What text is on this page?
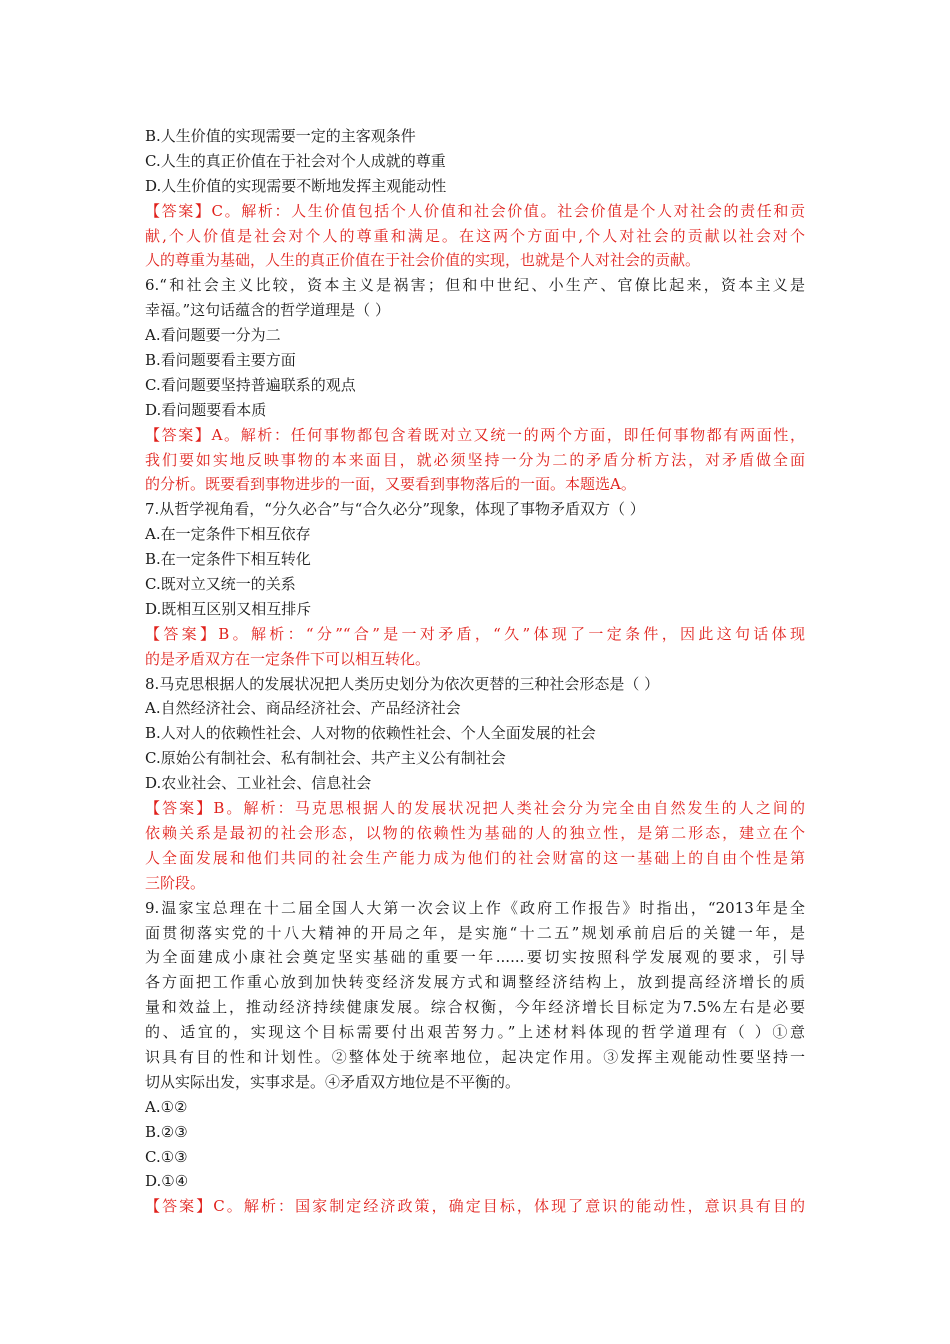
B.人生价值的实现需要一定的主客观条件
C.人生的真正价值在于社会对个人成就的尊重
D.人生价值的实现需要不断地发挥主观能动性
【答案】C。解析：人生价值包括个人价值和社会价值。社会价值是个人对社会的责任和贡
献,个人价值是社会对个人的尊重和满足。在这两个方面中,个人对社会的贡献以社会对个
人的尊重为基础，人生的真正价值在于社会价值的实现，也就是个人对社会的贡献。
6.“和社会主义比较，资本主义是祸害；但和中世纪、小生产、官僚比起来，资本主义是
幸福。”这句话蕴含的哲学道理是（ ）
A.看问题要一分为二
B.看问题要看主要方面
C.看问题要坚持普遍联系的观点
D.看问题要看本质
【答案】A。解析：任何事物都包含着既对立又统一的两个方面，即任何事物都有两面性，
我们要如实地反映事物的本来面目，就必须坚持一分为二的矛盾分析方法，对矛盾做全面
的分析。既要看到事物进步的一面，又要看到事物落后的一面。本题选A。
7.从哲学视角看，“分久必合”与“合久必分”现象，体现了事物矛盾双方（ ）
A.在一定条件下相互依存
B.在一定条件下相互转化
C.既对立又统一的关系
D.既相互区别又相互排斥
【答案】B。解析：“分”“合”是一对矛盾，“久”体现了一定条件，因此这句话体现
的是矛盾双方在一定条件下可以相互转化。
8.马克思根据人的发展状况把人类历史划分为依次更替的三种社会形态是（ ）
A.自然经济社会、商品经济社会、产品经济社会
B.人对人的依赖性社会、人对物的依赖性社会、个人全面发展的社会
C.原始公有制社会、私有制社会、共产主义公有制社会
D.农业社会、工业社会、信息社会
【答案】B。解析：马克思根据人的发展状况把人类社会分为完全由自然发生的人之间的
依赖关系是最初的社会形态，以物的依赖性为基础的人的独立性，是第二形态，建立在个
人全面发展和他们共同的社会生产能力成为他们的社会财富的这一基础上的自由个性是第
三阶段。
9.温家宝总理在十二届全国人大第一次会议上作《政府工作报告》时指出，“2013年是全
面贯彻落实党的十八大精神的开局之年，是实施“十二五”规划承前启后的关键一年，是
为全面建成小康社会奠定坚实基础的重要一年......要切实按照科学发展观的要求，引导
各方面把工作重心放到加快转变经济发展方式和调整经济结构上，放到提高经济增长的质
量和效益上，推动经济持续健康发展。综合权衡，今年经济增长目标定为7.5%左右是必要
的、适宜的，实现这个目标需要付出艰苦努力。”上述材料体现的哲学道理有（ ）①意
识具有目的性和计划性。②整体处于统率地位，起决定作用。③发挥主观能动性要坚持一
切从实际出发，实事求是。④矛盾双方地位是不平衡的。
A.①②
B.②③
C.①③
D.①④
【答案】C。解析：国家制定经济政策，确定目标，体现了意识的能动性，意识具有目的
